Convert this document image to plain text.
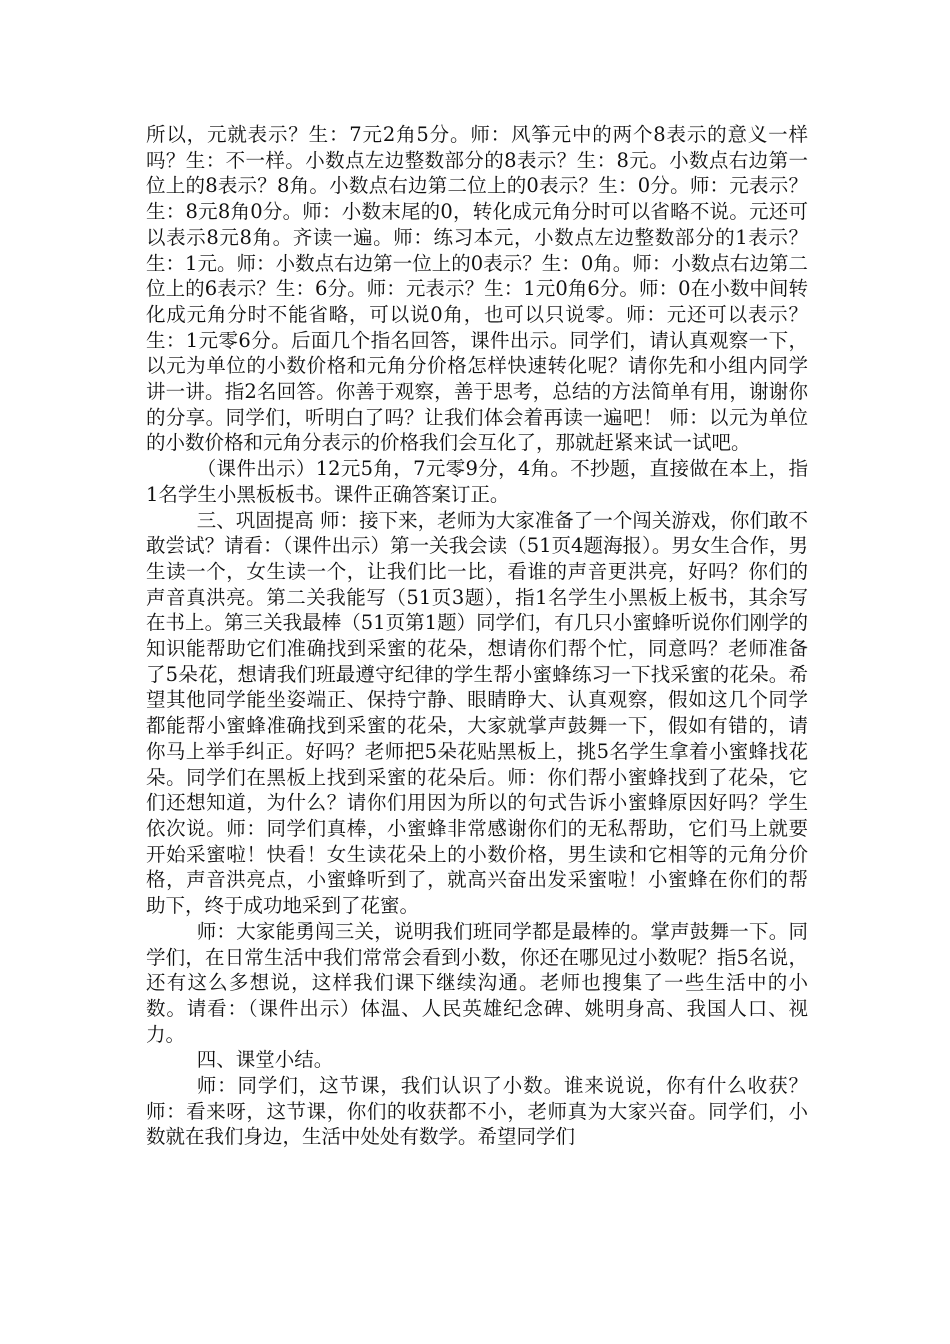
所以，元就表示？生：7元2角5分。师：风筝元中的两个8表示的意义一样吗？生：不一样。小数点左边整数部分的8表示？生：8元。小数点右边第一位上的8表示？8角。小数点右边第二位上的0表示？生：0分。师：元表示？生：8元8角0分。师：小数末尾的0，转化成元角分时可以省略不说。元还可以表示8元8角。齐读一遍。师：练习本元，小数点左边整数部分的1表示？生：1元。师：小数点右边第一位上的0表示？生：0角。师：小数点右边第二位上的6表示？生：6分。师：元表示？生：1元0角6分。师：0在小数中间转化成元角分时不能省略，可以说0角，也可以只说零。师：元还可以表示？生：1元零6分。后面几个指名回答，课件出示。同学们，请认真观察一下，以元为单位的小数价格和元角分价格怎样快速转化呢？请你先和小组内同学讲一讲。指2名回答。你善于观察，善于思考，总结的方法简单有用，谢谢你的分享。同学们，听明白了吗？让我们体会着再读一遍吧！ 师：以元为单位的小数价格和元角分表示的价格我们会互化了，那就赶紧来试一试吧。

（课件出示）12元5角，7元零9分，4角。不抄题，直接做在本上，指1名学生小黑板板书。课件正确答案订正。

三、巩固提高 师：接下来，老师为大家准备了一个闯关游戏，你们敢不敢尝试？请看：（课件出示）第一关我会读（51页4题海报）。男女生合作，男生读一个，女生读一个，让我们比一比，看谁的声音更洪亮，好吗？你们的声音真洪亮。第二关我能写（51页3题），指1名学生小黑板上板书，其余写在书上。第三关我最棒（51页第1题）同学们，有几只小蜜蜂听说你们刚学的知识能帮助它们准确找到采蜜的花朵，想请你们帮个忙，同意吗？老师准备了5朵花，想请我们班最遵守纪律的学生帮小蜜蜂练习一下找采蜜的花朵。希望其他同学能坐姿端正、保持宁静、眼睛睁大、认真观察，假如这几个同学都能帮小蜜蜂准确找到采蜜的花朵，大家就掌声鼓舞一下，假如有错的，请你马上举手纠正。好吗？老师把5朵花贴黑板上，挑5名学生拿着小蜜蜂找花朵。同学们在黑板上找到采蜜的花朵后。师：你们帮小蜜蜂找到了花朵，它们还想知道，为什么？请你们用因为所以的句式告诉小蜜蜂原因好吗？学生依次说。师：同学们真棒，小蜜蜂非常感谢你们的无私帮助，它们马上就要开始采蜜啦！快看！女生读花朵上的小数价格，男生读和它相等的元角分价格，声音洪亮点，小蜜蜂听到了，就高兴奋出发采蜜啦！小蜜蜂在你们的帮助下，终于成功地采到了花蜜。

师：大家能勇闯三关，说明我们班同学都是最棒的。掌声鼓舞一下。同学们，在日常生活中我们常常会看到小数，你还在哪见过小数呢？指5名说，还有这么多想说，这样我们课下继续沟通。老师也搜集了一些生活中的小数。请看：（课件出示）体温、人民英雄纪念碑、姚明身高、我国人口、视力。

四、课堂小结。

师：同学们，这节课，我们认识了小数。谁来说说，你有什么收获？ 师：看来呀，这节课，你们的收获都不小，老师真为大家兴奋。同学们，小数就在我们身边，生活中处处有数学。希望同学们
